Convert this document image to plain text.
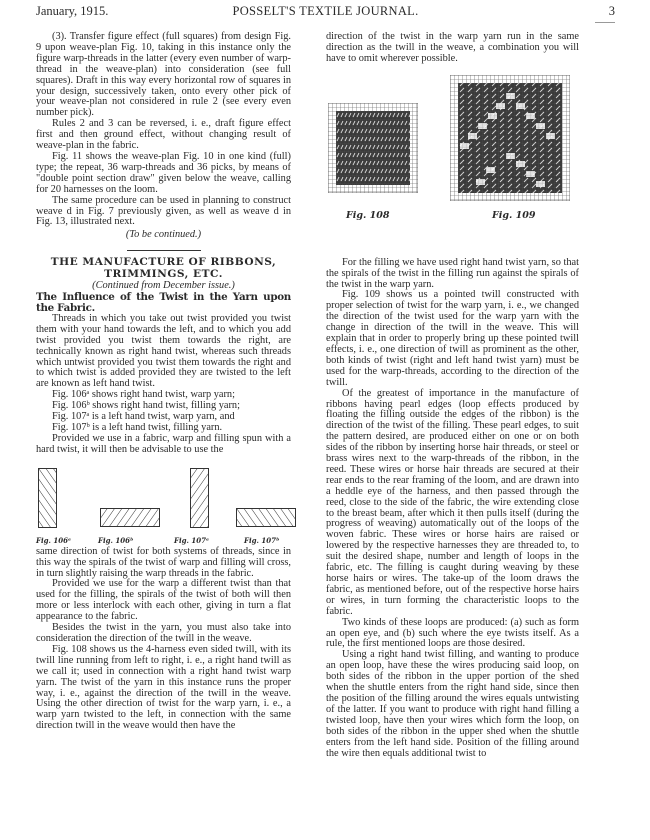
January, 1915.	POSSELT'S TEXTILE JOURNAL.	3

(3). Transfer figure effect (full squares) from design Fig. 9 upon weave-plan Fig. 10, taking in this instance only the figure warp-threads in the latter (every even number of warp-thread in the weave-plan) into consideration (see full squares). Draft in this way every horizontal row of squares in your design, successively taken, onto every other pick of your weave-plan not considered in rule 2 (see every even number pick).

Rules 2 and 3 can be reversed, i. e., draft figure effect first and then ground effect, without changing result of weave-plan in the fabric.

Fig. 11 shows the weave-plan Fig. 10 in one kind (full) type; the repeat, 36 warp-threads and 36 picks, by means of "double point section draw" given below the weave, calling for 20 harnesses on the loom.

The same procedure can be used in planning to construct weave d in Fig. 7 previously given, as well as weave d in Fig. 13, illustrated next.

(To be continued.)

THE MANUFACTURE OF RIBBONS,
TRIMMINGS, ETC.

(Continued from December issue.)

The Influence of the Twist in the Yarn upon the Fabric.

Threads in which you take out twist provided you twist them with your hand towards the left, and to which you add twist provided you twist them towards the right, are technically known as right hand twist, whereas such threads which untwist provided you twist them towards the right and to which twist is added provided they are twisted to the left are known as left hand twist.

Fig. 106ᵃ shows right hand twist, warp yarn;

Fig. 106ᵇ shows right hand twist, filling yarn;

Fig. 107ᵃ is a left hand twist, warp yarn, and

Fig. 107ᵇ is a left hand twist, filling yarn.

Provided we use in a fabric, warp and filling spun with a hard twist, it will then be advisable to use the

Fig. 106ᵃ	Fig. 106ᵇ	Fig. 107ᵃ	Fig. 107ᵇ

same direction of twist for both systems of threads, since in this way the spirals of the twist of warp and filling will cross, in turn slightly raising the warp threads in the fabric.

Provided we use for the warp a different twist than that used for the filling, the spirals of the twist of both will then more or less interlock with each other, giving in turn a flat appearance to the fabric.

Besides the twist in the yarn, you must also take into consideration the direction of the twill in the weave.

Fig. 108 shows us the 4-harness even sided twill, with its twill line running from left to right, i. e., a right hand twill as we call it; used in connection with a right hand twist warp yarn. The twist of the yarn in this instance runs the proper way, i. e., against the direction of the twill in the weave. Using the other direction of twist for the warp yarn, i. e., a warp yarn twisted to the left, in connection with the same direction twill in the weave would then have the

direction of the twist in the warp yarn run in the same direction as the twill in the weave, a combination you will have to omit wherever possible.

Fig. 108	Fig. 109

For the filling we have used right hand twist yarn, so that the spirals of the twist in the filling run against the spirals of the twist in the warp yarn.

Fig. 109 shows us a pointed twill constructed with proper selection of twist for the warp yarn, i. e., we changed the direction of the twist used for the warp yarn with the change in direction of the twill in the weave. This will explain that in order to properly bring up these pointed twill effects, i. e., one direction of twill as prominent as the other, both kinds of twist (right and left hand twist yarn) must be used for the warp-threads, according to the direction of the twill.

Of the greatest of importance in the manufacture of ribbons having pearl edges (loop effects produced by floating the filling outside the edges of the ribbon) is the direction of the twist of the filling. These pearl edges, to suit the pattern desired, are produced either on one or on both sides of the ribbon by inserting horse hair threads, or steel or brass wires next to the warp-threads of the ribbon, in the reed. These wires or horse hair threads are secured at their rear ends to the rear framing of the loom, and are drawn into a heddle eye of the harness, and then passed through the reed, close to the side of the fabric, the wire extending close to the breast beam, after which it then pulls itself (during the progress of weaving) automatically out of the loops of the woven fabric. These wires or horse hairs are raised or lowered by the respective harnesses they are threaded to, to suit the desired shape, number and length of loops in the fabric, etc. The filling is caught during weaving by these horse hairs or wires. The take-up of the loom draws the fabric, as mentioned before, out of the respective horse hairs or wires, in turn forming the characteristic loops to the fabric.

Two kinds of these loops are produced: (a) such as form an open eye, and (b) such where the eye twists itself. As a rule, the first mentioned loops are those desired.

Using a right hand twist filling, and wanting to produce an open loop, have these the wires producing said loop, on both sides of the ribbon in the upper portion of the shed when the shuttle enters from the right hand side, since then the position of the filling around the wires equals untwisting of the latter. If you want to produce with right hand filling a twisted loop, have then your wires which form the loop, on both sides of the ribbon in the upper shed when the shuttle enters from the left hand side. Position of the filling around the wire then equals additional twist to
